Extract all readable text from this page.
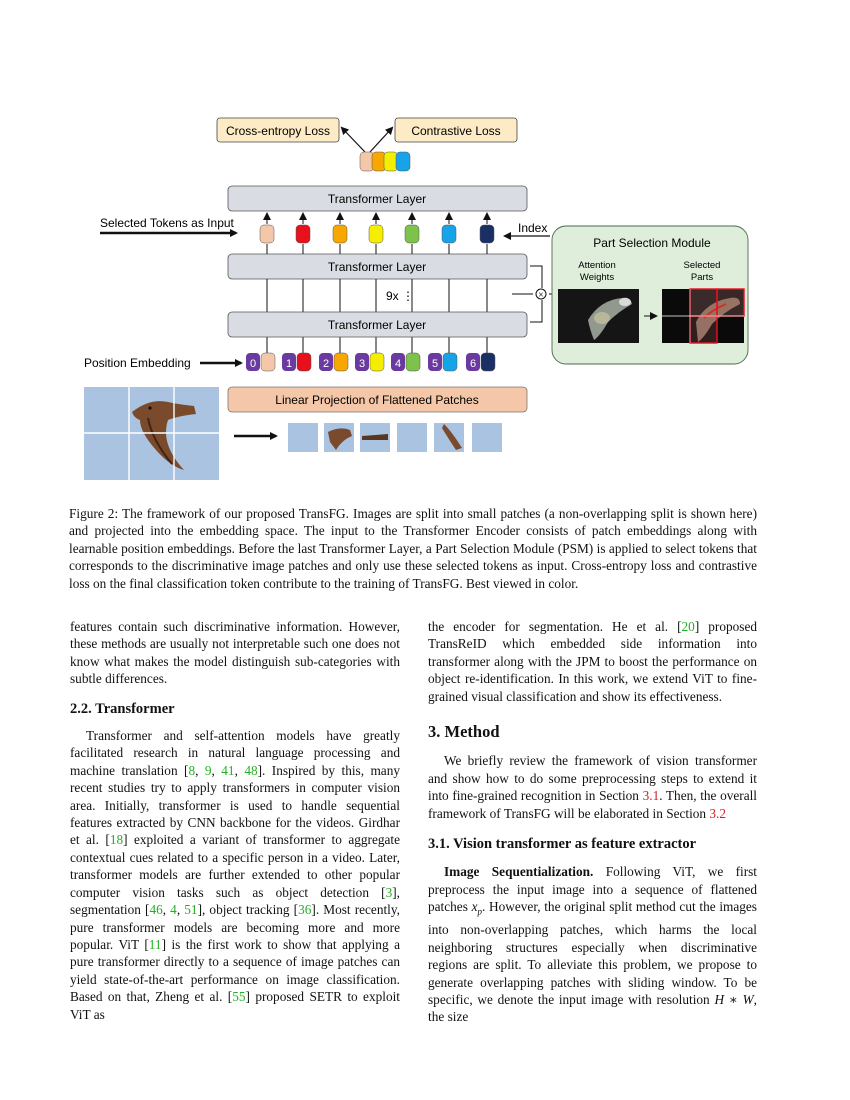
Cross-entropy Loss	Contrastive Loss
Transformer Layer
Selected Tokens as Input	Index
Transformer Layer
9x ⋮
Transformer Layer
×
Part Selection Module
Attention
Weights
Selected
Parts
Position Embedding	0	1	2	3	4	5	6
Linear Projection of Flattened Patches
Figure 2: The framework of our proposed TransFG. Images are split into small patches (a non-overlapping split is shown here) and projected into the embedding space. The input to the Transformer Encoder consists of patch embeddings along with learnable position embeddings. Before the last Transformer Layer, a Part Selection Module (PSM) is applied to select tokens that corresponds to the discriminative image patches and only use these selected tokens as input. Cross-entropy loss and contrastive loss on the final classification token contribute to the training of TransFG. Best viewed in color.

features contain such discriminative information. However, these methods are usually not interpretable such one does not know what makes the model distinguish sub-categories with subtle differences.

2.2. Transformer

Transformer and self-attention models have greatly facilitated research in natural language processing and machine translation [8, 9, 41, 48]. Inspired by this, many recent studies try to apply transformers in computer vision area. Initially, transformer is used to handle sequential features extracted by CNN backbone for the videos. Girdhar et al. [18] exploited a variant of transformer to aggregate contextual cues related to a specific person in a video. Later, transformer models are further extended to other popular computer vision tasks such as object detection [3], segmentation [46, 4, 51], object tracking [36]. Most recently, pure transformer models are becoming more and more popular. ViT [11] is the first work to show that applying a pure transformer directly to a sequence of image patches can yield state-of-the-art performance on image classification. Based on that, Zheng et al. [55] proposed SETR to exploit ViT as

the encoder for segmentation. He et al. [20] proposed TransReID which embedded side information into transformer along with the JPM to boost the performance on object re-identification. In this work, we extend ViT to fine-grained visual classification and show its effectiveness.

3. Method

We briefly review the framework of vision transformer and show how to do some preprocessing steps to extend it into fine-grained recognition in Section 3.1. Then, the overall framework of TransFG will be elaborated in Section 3.2

3.1. Vision transformer as feature extractor

Image Sequentialization. Following ViT, we first preprocess the input image into a sequence of flattened patches $x_p$. However, the original split method cut the images into non-overlapping patches, which harms the local neighboring structures especially when discriminative regions are split. To alleviate this problem, we propose to generate overlapping patches with sliding window. To be specific, we denote the input image with resolution H ∗ W, the size
